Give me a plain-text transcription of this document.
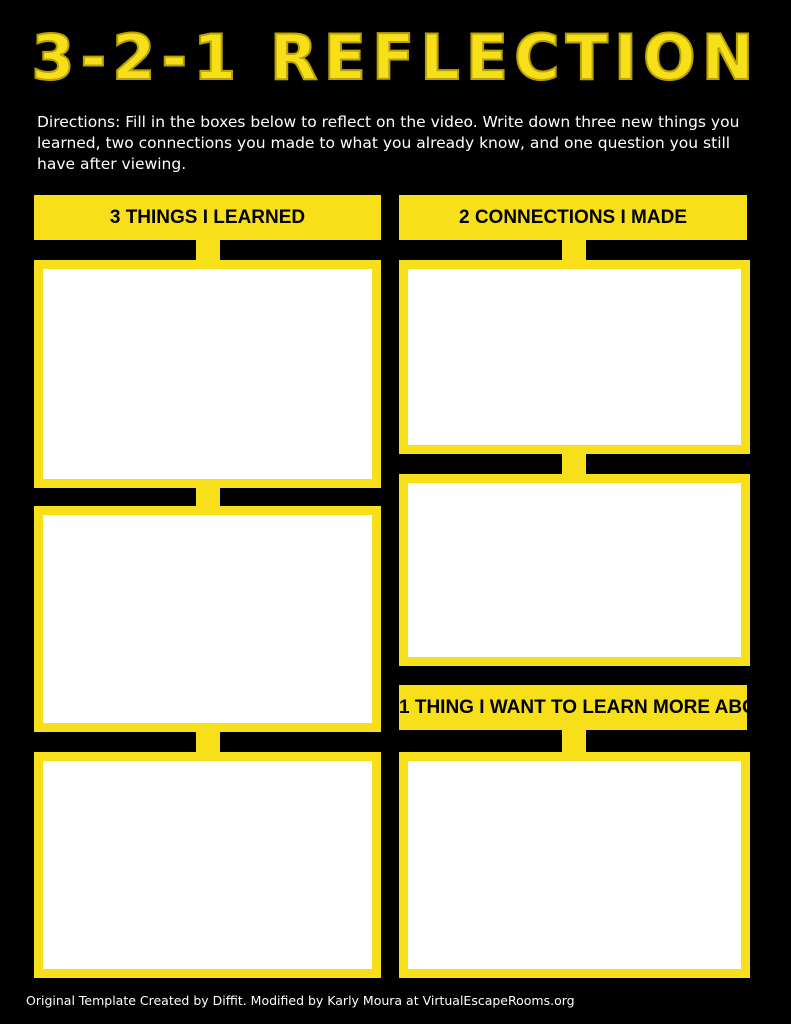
3-2-1 REFLECTION

Directions: Fill in the boxes below to reflect on the video. Write down three new things you learned, two connections you made to what you already know, and one question you still have after viewing.

3 THINGS I LEARNED	2 CONNECTIONS I MADE
1 THING I WANT TO LEARN MORE ABOUT

Original Template Created by Diffit. Modified by Karly Moura at VirtualEscapeRooms.org
